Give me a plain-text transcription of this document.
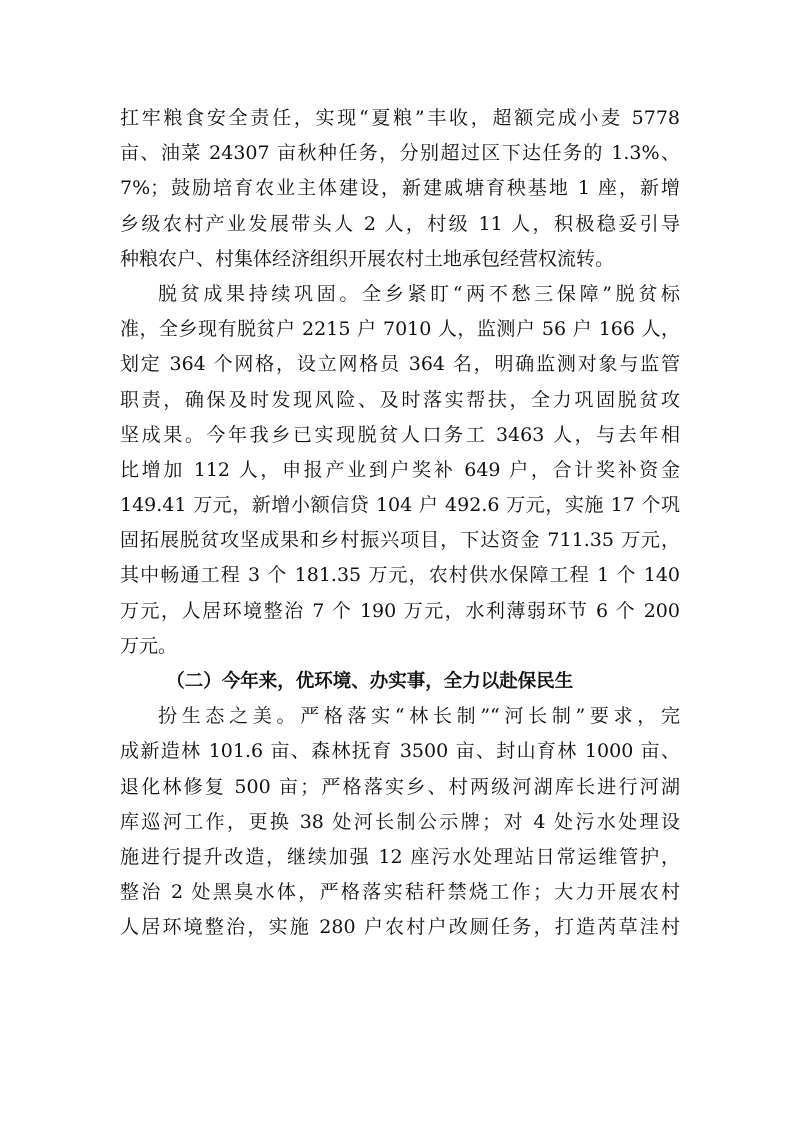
扛牢粮食安全责任，实现“夏粮”丰收，超额完成小麦 5778
亩、油菜 24307 亩秋种任务，分别超过区下达任务的 1.3%、
7%；鼓励培育农业主体建设，新建戚塘育秧基地 1 座，新增
乡级农村产业发展带头人 2 人，村级 11 人，积极稳妥引导
种粮农户、村集体经济组织开展农村土地承包经营权流转。
脱贫成果持续巩固。全乡紧盯“两不愁三保障”脱贫标
准，全乡现有脱贫户 2215 户 7010 人，监测户 56 户 166 人，
划定 364 个网格，设立网格员 364 名，明确监测对象与监管
职责，确保及时发现风险、及时落实帮扶，全力巩固脱贫攻
坚成果。今年我乡已实现脱贫人口务工 3463 人，与去年相
比增加 112 人，申报产业到户奖补 649 户，合计奖补资金
149.41 万元，新增小额信贷 104 户 492.6 万元，实施 17 个巩
固拓展脱贫攻坚成果和乡村振兴项目，下达资金 711.35 万元，
其中畅通工程 3 个 181.35 万元，农村供水保障工程 1 个 140
万元，人居环境整治 7 个 190 万元，水利薄弱环节 6 个 200
万元。
（二）今年来，优环境、办实事，全力以赴保民生
扮生态之美。严格落实“林长制”“河长制”要求，完
成新造林 101.6 亩、森林抚育 3500 亩、封山育林 1000 亩、
退化林修复 500 亩；严格落实乡、村两级河湖库长进行河湖
库巡河工作，更换 38 处河长制公示牌；对 4 处污水处理设
施进行提升改造，继续加强 12 座污水处理站日常运维管护，
整治 2 处黑臭水体，严格落实秸秆禁烧工作；大力开展农村
人居环境整治，实施 280 户农村户改厕任务，打造芮草洼村
